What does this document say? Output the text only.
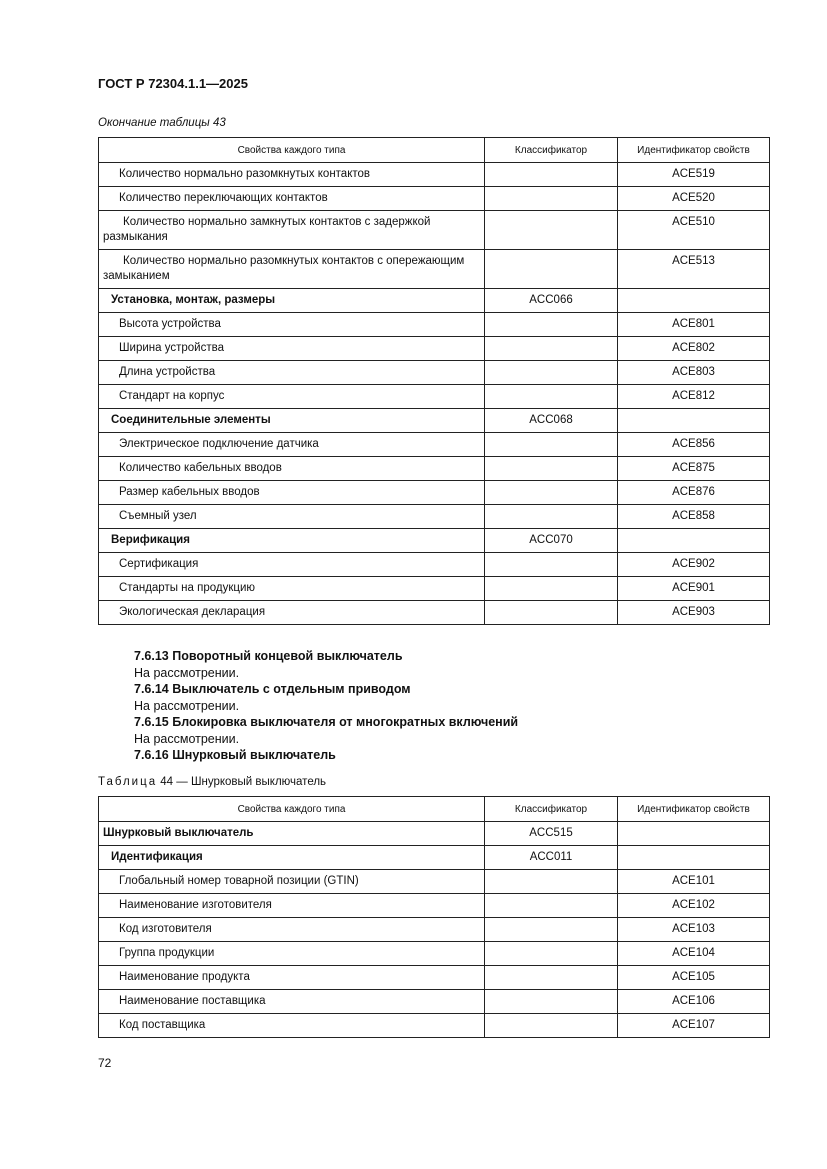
ГОСТ Р 72304.1.1—2025
Окончание таблицы 43
Свойства каждого типа	Классификатор	Идентификатор свойств
Количество нормально разомкнутых контактов		ACE519
Количество переключающих контактов		ACE520
Количество нормально замкнутых контактов с задержкой размыкания		ACE510
Количество нормально разомкнутых контактов с опережающим замыканием		ACE513
Установка, монтаж, размеры	ACC066	
Высота устройства		ACE801
Ширина устройства		ACE802
Длина устройства		ACE803
Стандарт на корпус		ACE812
Соединительные элементы	ACC068	
Электрическое подключение датчика		ACE856
Количество кабельных вводов		ACE875
Размер кабельных вводов		ACE876
Съемный узел		ACE858
Верификация	ACC070	
Сертификация		ACE902
Стандарты на продукцию		ACE901
Экологическая декларация		ACE903
7.6.13 Поворотный концевой выключатель
На рассмотрении.
7.6.14 Выключатель с отдельным приводом
На рассмотрении.
7.6.15 Блокировка выключателя от многократных включений
На рассмотрении.
7.6.16 Шнурковый выключатель
Таблица 44 — Шнурковый выключатель
Свойства каждого типа	Классификатор	Идентификатор свойств
Шнурковый выключатель	ACC515	
Идентификация	ACC011	
Глобальный номер товарной позиции (GTIN)		ACE101
Наименование изготовителя		ACE102
Код изготовителя		ACE103
Группа продукции		ACE104
Наименование продукта		ACE105
Наименование поставщика		ACE106
Код поставщика		ACE107
72
